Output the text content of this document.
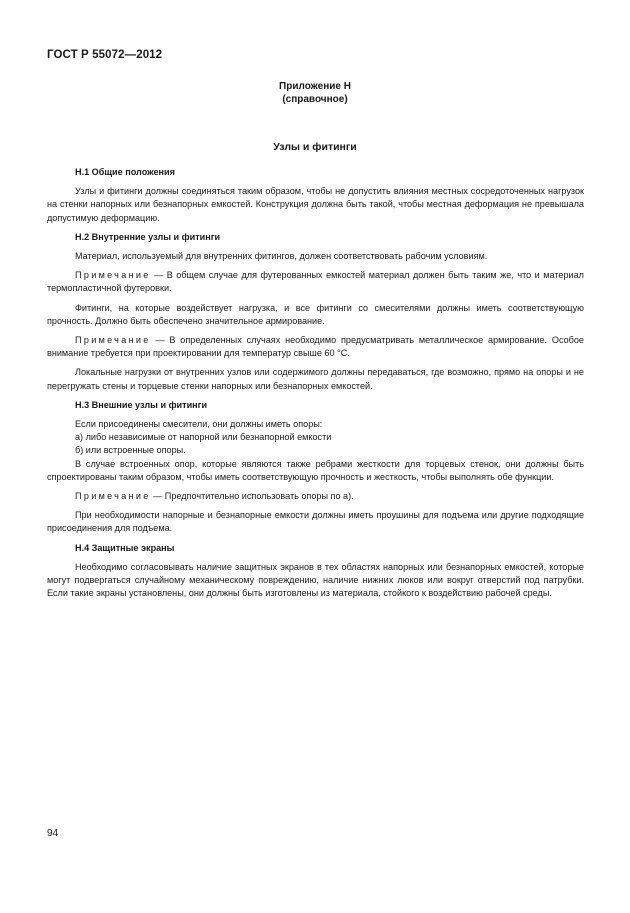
ГОСТ Р 55072—2012
Приложение Н
(справочное)
Узлы и фитинги
Н.1 Общие положения
Узлы и фитинги должны соединяться таким образом, чтобы не допустить влияния местных сосредоточенных нагрузок на стенки напорных или безнапорных емкостей. Конструкция должна быть такой, чтобы местная деформация не превышала допустимую деформацию.
Н.2 Внутренние узлы и фитинги
Материал, используемый для внутренних фитингов, должен соответствовать рабочим условиям.
Примечание — В общем случае для футерованных емкостей материал должен быть таким же, что и материал термопластичной футеровки.
Фитинги, на которые воздействует нагрузка, и все фитинги со смесителями должны иметь соответствующую прочность. Должно быть обеспечено значительное армирование.
Примечание — В определенных случаях необходимо предусматривать металлическое армирование. Особое внимание требуется при проектировании для температур свыше 60 °С.
Локальные нагрузки от внутренних узлов или содержимого должны передаваться, где возможно, прямо на опоры и не перегружать стены и торцевые стенки напорных или безнапорных емкостей.
Н.3 Внешние узлы и фитинги
Если присоединены смесители, они должны иметь опоры:
а) либо независимые от напорной или безнапорной емкости
б) или встроенные опоры.
В случае встроенных опор, которые являются также ребрами жесткости для торцевых стенок, они должны быть спроектированы таким образом, чтобы иметь соответствующую прочность и жесткость, чтобы выполнять обе функции.
Примечание — Предпочтительно использовать опоры по а).
При необходимости напорные и безнапорные емкости должны иметь проушины для подъема или другие подходящие присоединения для подъема.
Н.4 Защитные экраны
Необходимо согласовывать наличие защитных экранов в тех областях напорных или безнапорных емкостей, которые могут подвергаться случайному механическому повреждению, наличие нижних люков или вокруг отверстий под патрубки. Если такие экраны установлены, они должны быть изготовлены из материала, стойкого к воздействию рабочей среды.
94
